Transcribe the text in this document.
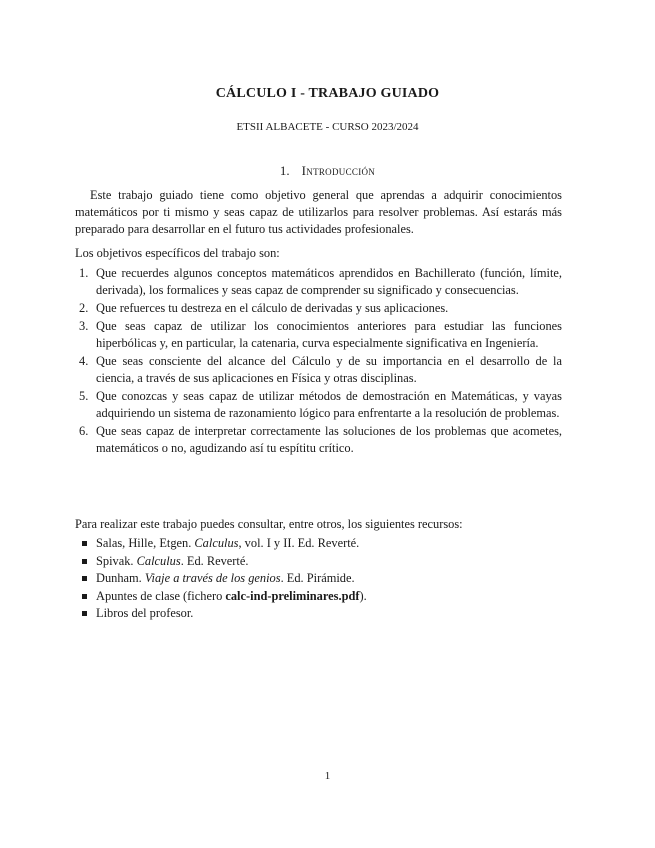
CÁLCULO I - TRABAJO GUIADO
ETSII ALBACETE - CURSO 2023/2024
1. Introducción

Este trabajo guiado tiene como objetivo general que aprendas a adquirir conocimientos matemáticos por ti mismo y seas capaz de utilizarlos para resolver problemas. Así estarás más preparado para desarrollar en el futuro tus actividades profesionales.

Los objetivos específicos del trabajo son:

1. Que recuerdes algunos conceptos matemáticos aprendidos en Bachillerato (función, límite, derivada), los formalices y seas capaz de comprender su significado y consecuencias.
2. Que refuerces tu destreza en el cálculo de derivadas y sus aplicaciones.
3. Que seas capaz de utilizar los conocimientos anteriores para estudiar las funciones hiperbólicas y, en particular, la catenaria, curva especialmente significativa en Ingeniería.
4. Que seas consciente del alcance del Cálculo y de su importancia en el desarrollo de la ciencia, a través de sus aplicaciones en Física y otras disciplinas.
5. Que conozcas y seas capaz de utilizar métodos de demostración en Matemáticas, y vayas adquiriendo un sistema de razonamiento lógico para enfrentarte a la resolución de problemas.
6. Que seas capaz de interpretar correctamente las soluciones de los problemas que acometes, matemáticos o no, agudizando así tu espítitu crítico.

Para realizar este trabajo puedes consultar, entre otros, los siguientes recursos:

Salas, Hille, Etgen. Calculus, vol. I y II. Ed. Reverté.
Spivak. Calculus. Ed. Reverté.
Dunham. Viaje a través de los genios. Ed. Pirámide.
Apuntes de clase (fichero calc-ind-preliminares.pdf).
Libros del profesor.
1
